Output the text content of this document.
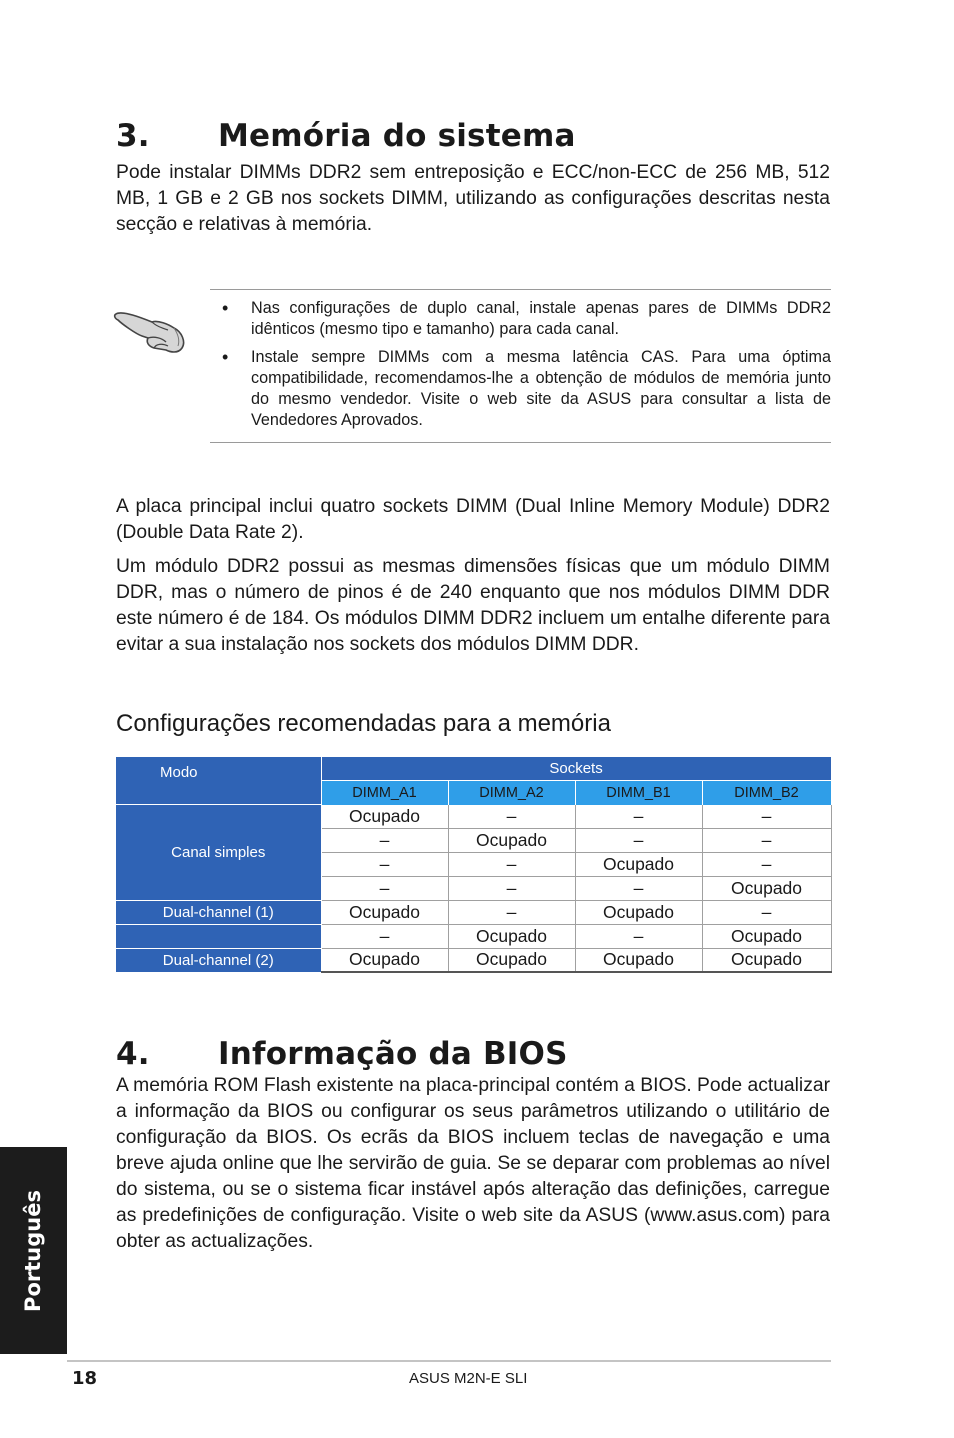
3. Memória do sistema

Pode instalar DIMMs DDR2 sem entreposição e ECC/non-ECC de 256 MB, 512 MB, 1 GB e 2 GB nos sockets DIMM, utilizando as configurações descritas nesta secção e relativas à memória.

• Nas configurações de duplo canal, instale apenas pares de DIMMs DDR2 idênticos (mesmo tipo e tamanho) para cada canal.
• Instale sempre DIMMs com a mesma latência CAS. Para uma óptima compatibilidade, recomendamos-lhe a obtenção de módulos de memória junto do mesmo vendedor. Visite o web site da ASUS para consultar a lista de Vendedores Aprovados.

A placa principal inclui quatro sockets DIMM (Dual Inline Memory Module) DDR2 (Double Data Rate 2).

Um módulo DDR2 possui as mesmas dimensões físicas que um módulo DIMM DDR, mas o número de pinos é de 240 enquanto que nos módulos DIMM DDR este número é de 184. Os módulos DIMM DDR2 incluem um entalhe diferente para evitar a sua instalação nos sockets dos módulos DIMM DDR.

Configurações recomendadas para a memória
Modo	Sockets			
	DIMM_A1	DIMM_A2	DIMM_B1	DIMM_B2
Canal simples	Ocupado	–	–	–
	–	Ocupado	–	–
	–	–	Ocupado	–
	–	–	–	Ocupado
Dual-channel (1)	Ocupado	–	Ocupado	–
	–	Ocupado	–	Ocupado
Dual-channel (2)	Ocupado	Ocupado	Ocupado	Ocupado
4. Informação da BIOS

A memória ROM Flash existente na placa-principal contém a BIOS. Pode actualizar a informação da BIOS ou configurar os seus parâmetros utilizando o utilitário de configuração da BIOS. Os ecrãs da BIOS incluem teclas de navegação e uma breve ajuda online que lhe servirão de guia. Se se deparar com problemas ao nível do sistema, ou se o sistema ficar instável após alteração das definições, carregue as predefinições de configuração. Visite o web site da ASUS (www.asus.com) para obter as actualizações.

Português
18	ASUS M2N-E SLI
